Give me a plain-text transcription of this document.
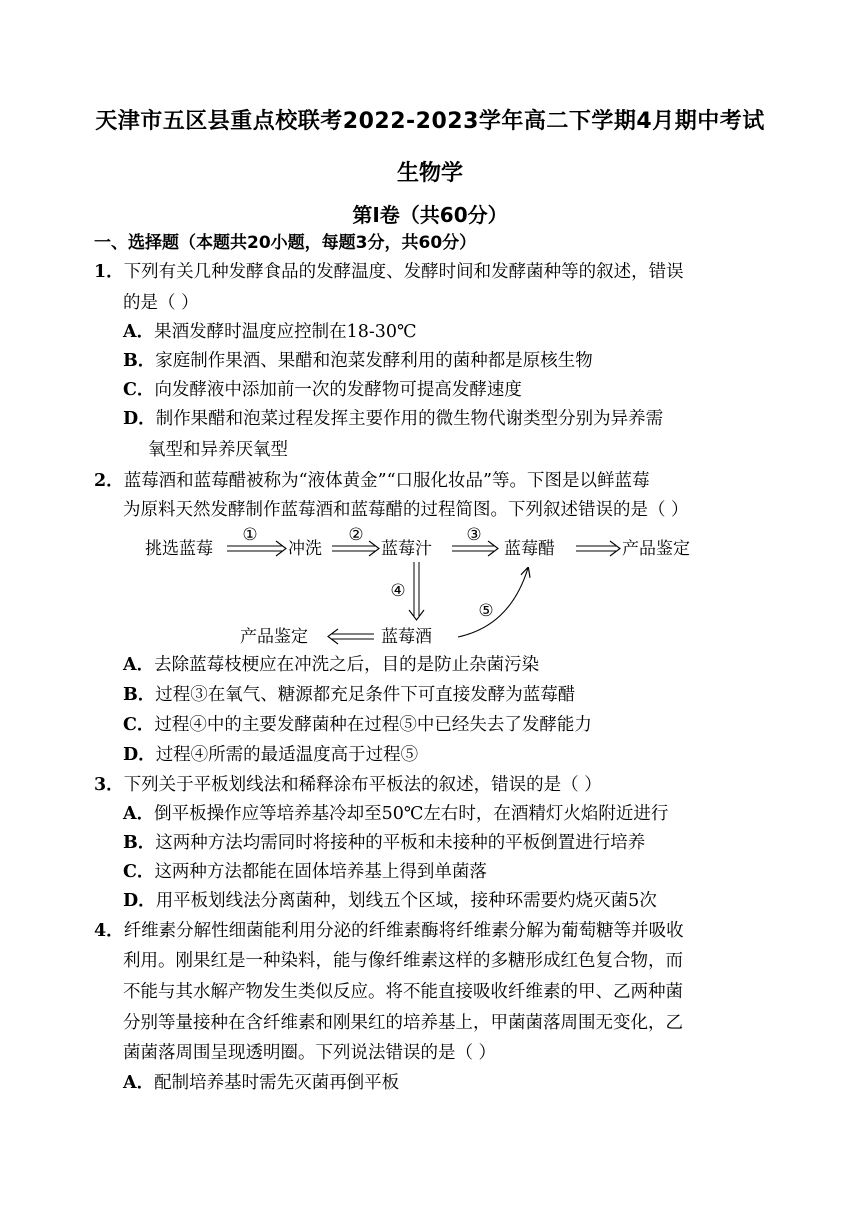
天津市五区县重点校联考2022-2023学年高二下学期4月期中考试
生物学
第Ⅰ卷（共60分）
一、选择题（本题共20小题，每题3分，共60分）
1．下列有关几种发酵食品的发酵温度、发酵时间和发酵菌种等的叙述，错误
的是（ ）
A．果酒发酵时温度应控制在18-30℃
B．家庭制作果酒、果醋和泡菜发酵利用的菌种都是原核生物
C．向发酵液中添加前一次的发酵物可提高发酵速度
D．制作果醋和泡菜过程发挥主要作用的微生物代谢类型分别为异养需
氧型和异养厌氧型
2．蓝莓酒和蓝莓醋被称为“液体黄金”“口服化妆品”等。下图是以鲜蓝莓
为原料天然发酵制作蓝莓酒和蓝莓醋的过程简图。下列叙述错误的是（ ）
挑选蓝莓	冲洗	蓝莓汁	蓝莓醋	产品鉴定
①	②	③
④
产品鉴定	蓝莓酒
⑤
A．去除蓝莓枝梗应在冲洗之后，目的是防止杂菌污染
B．过程③在氧气、糖源都充足条件下可直接发酵为蓝莓醋
C．过程④中的主要发酵菌种在过程⑤中已经失去了发酵能力
D．过程④所需的最适温度高于过程⑤
3．下列关于平板划线法和稀释涂布平板法的叙述，错误的是（ ）
A．倒平板操作应等培养基冷却至50℃左右时，在酒精灯火焰附近进行
B．这两种方法均需同时将接种的平板和未接种的平板倒置进行培养
C．这两种方法都能在固体培养基上得到单菌落
D．用平板划线法分离菌种，划线五个区域，接种环需要灼烧灭菌5次
4．纤维素分解性细菌能利用分泌的纤维素酶将纤维素分解为葡萄糖等并吸收
利用。刚果红是一种染料，能与像纤维素这样的多糖形成红色复合物，而
不能与其水解产物发生类似反应。将不能直接吸收纤维素的甲、乙两种菌
分别等量接种在含纤维素和刚果红的培养基上，甲菌菌落周围无变化，乙
菌菌落周围呈现透明圈。下列说法错误的是（ ）
A．配制培养基时需先灭菌再倒平板
